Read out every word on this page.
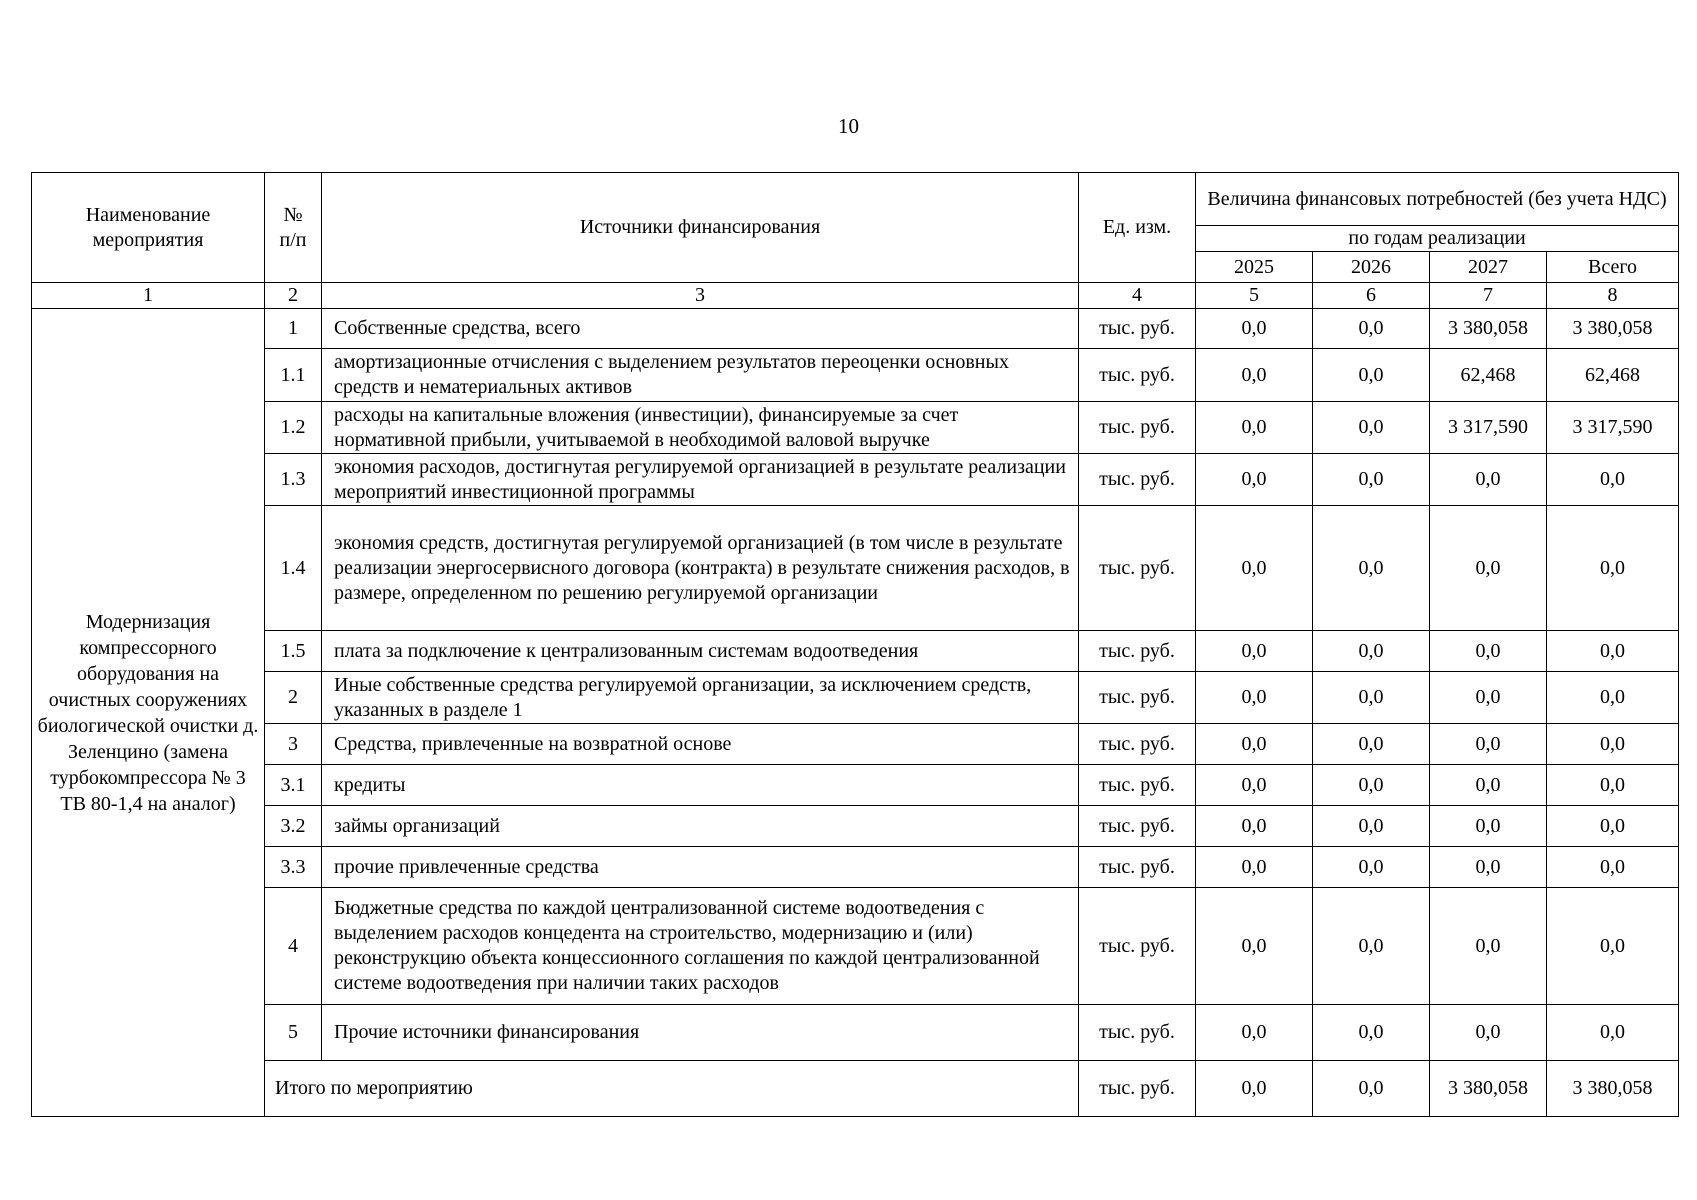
10
Наименование мероприятия	№ п/п	Источники финансирования	Ед. изм.	Величина финансовых потребностей (без учета НДС)			
				по годам реализации			
				2025	2026	2027	Всего
1	2	3	4	5	6	7	8
Модернизация компрессорного оборудования на очистных сооружениях биологической очистки д. Зеленцино (замена турбокомпрессора № 3 ТВ 80-1,4 на аналог)	1	Собственные средства, всего	тыс. руб.	0,0	0,0	3 380,058	3 380,058
	1.1	амортизационные отчисления с выделением результатов переоценки основных средств и нематериальных активов	тыс. руб.	0,0	0,0	62,468	62,468
	1.2	расходы на капитальные вложения (инвестиции), финансируемые за счет нормативной прибыли, учитываемой в необходимой валовой выручке	тыс. руб.	0,0	0,0	3 317,590	3 317,590
	1.3	экономия расходов, достигнутая регулируемой организацией в результате реализации мероприятий инвестиционной программы	тыс. руб.	0,0	0,0	0,0	0,0
	1.4	экономия средств, достигнутая регулируемой организацией (в том числе в результате реализации энергосервисного договора (контракта) в результате снижения расходов, в размере, определенном по решению регулируемой организации	тыс. руб.	0,0	0,0	0,0	0,0
	1.5	плата за подключение к централизованным системам водоотведения	тыс. руб.	0,0	0,0	0,0	0,0
	2	Иные собственные средства регулируемой организации, за исключением средств, указанных в разделе 1	тыс. руб.	0,0	0,0	0,0	0,0
	3	Средства, привлеченные на возвратной основе	тыс. руб.	0,0	0,0	0,0	0,0
	3.1	кредиты	тыс. руб.	0,0	0,0	0,0	0,0
	3.2	займы организаций	тыс. руб.	0,0	0,0	0,0	0,0
	3.3	прочие привлеченные средства	тыс. руб.	0,0	0,0	0,0	0,0
	4	Бюджетные средства по каждой централизованной системе водоотведения с выделением расходов концедента на строительство, модернизацию и (или) реконструкцию объекта концессионного соглашения по каждой централизованной системе водоотведения при наличии таких расходов	тыс. руб.	0,0	0,0	0,0	0,0
	5	Прочие источники финансирования	тыс. руб.	0,0	0,0	0,0	0,0
	Итого по мероприятию		тыс. руб.	0,0	0,0	3 380,058	3 380,058
